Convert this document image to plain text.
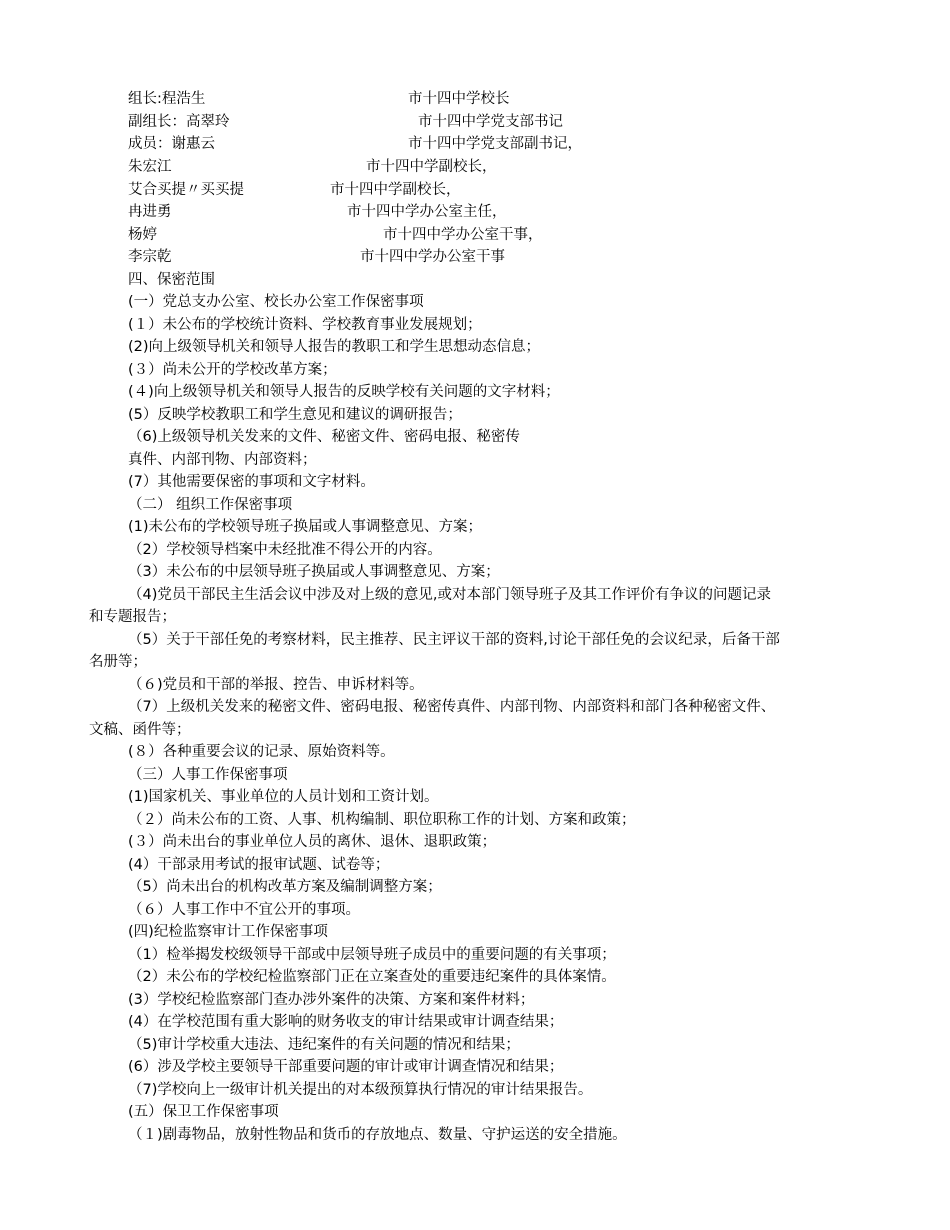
组长:程浩生	市十四中学校长
副组长：高翠玲	市十四中学党支部书记
成员：谢惠云	市十四中学党支部副书记，
朱宏江	市十四中学副校长，
艾合买提〃买买提	市十四中学副校长，
冉进勇	市十四中学办公室主任，
杨婷	市十四中学办公室干事，
李宗乾	市十四中学办公室干事
四、保密范围
(一）党总支办公室、校长办公室工作保密事项
(１）未公布的学校统计资料、学校教育事业发展规划；
(2)向上级领导机关和领导人报告的教职工和学生思想动态信息；
(３）尚未公开的学校改革方案；
(４)向上级领导机关和领导人报告的反映学校有关问题的文字材料；
(5）反映学校教职工和学生意见和建议的调研报告；
（6)上级领导机关发来的文件、秘密文件、密码电报、秘密传
真件、内部刊物、内部资料；
(7）其他需要保密的事项和文字材料。
（二） 组织工作保密事项
(1)未公布的学校领导班子换届或人事调整意见、方案；
（2）学校领导档案中未经批准不得公开的内容。
（3）未公布的中层领导班子换届或人事调整意见、方案；
（4)党员干部民主生活会议中涉及对上级的意见,或对本部门领导班子及其工作评价有争议的问题记录
和专题报告；
（5）关于干部任免的考察材料，民主推荐、民主评议干部的资料,讨论干部任免的会议纪录，后备干部
名册等；
（６)党员和干部的举报、控告、申诉材料等。
（7）上级机关发来的秘密文件、密码电报、秘密传真件、内部刊物、内部资料和部门各种秘密文件、
文稿、函件等；
(８）各种重要会议的记录、原始资料等。
（三）人事工作保密事项
(1)国家机关、事业单位的人员计划和工资计划。
（２）尚未公布的工资、人事、机构编制、职位职称工作的计划、方案和政策；
(３）尚未出台的事业单位人员的离休、退休、退职政策；
(4）干部录用考试的报审试题、试卷等；
（5）尚未出台的机构改革方案及编制调整方案；
（６）人事工作中不宜公开的事项。
(四)纪检监察审计工作保密事项
（1）检举揭发校级领导干部或中层领导班子成员中的重要问题的有关事项；
（2）未公布的学校纪检监察部门正在立案查处的重要违纪案件的具体案情。
(3）学校纪检监察部门查办涉外案件的决策、方案和案件材料；
(4）在学校范围有重大影响的财务收支的审计结果或审计调查结果；
（5)审计学校重大违法、违纪案件的有关问题的情况和结果；
(6）涉及学校主要领导干部重要问题的审计或审计调查情况和结果；
（7)学校向上一级审计机关提出的对本级预算执行情况的审计结果报告。
(五）保卫工作保密事项
（１)剧毒物品，放射性物品和货币的存放地点、数量、守护运送的安全措施。
